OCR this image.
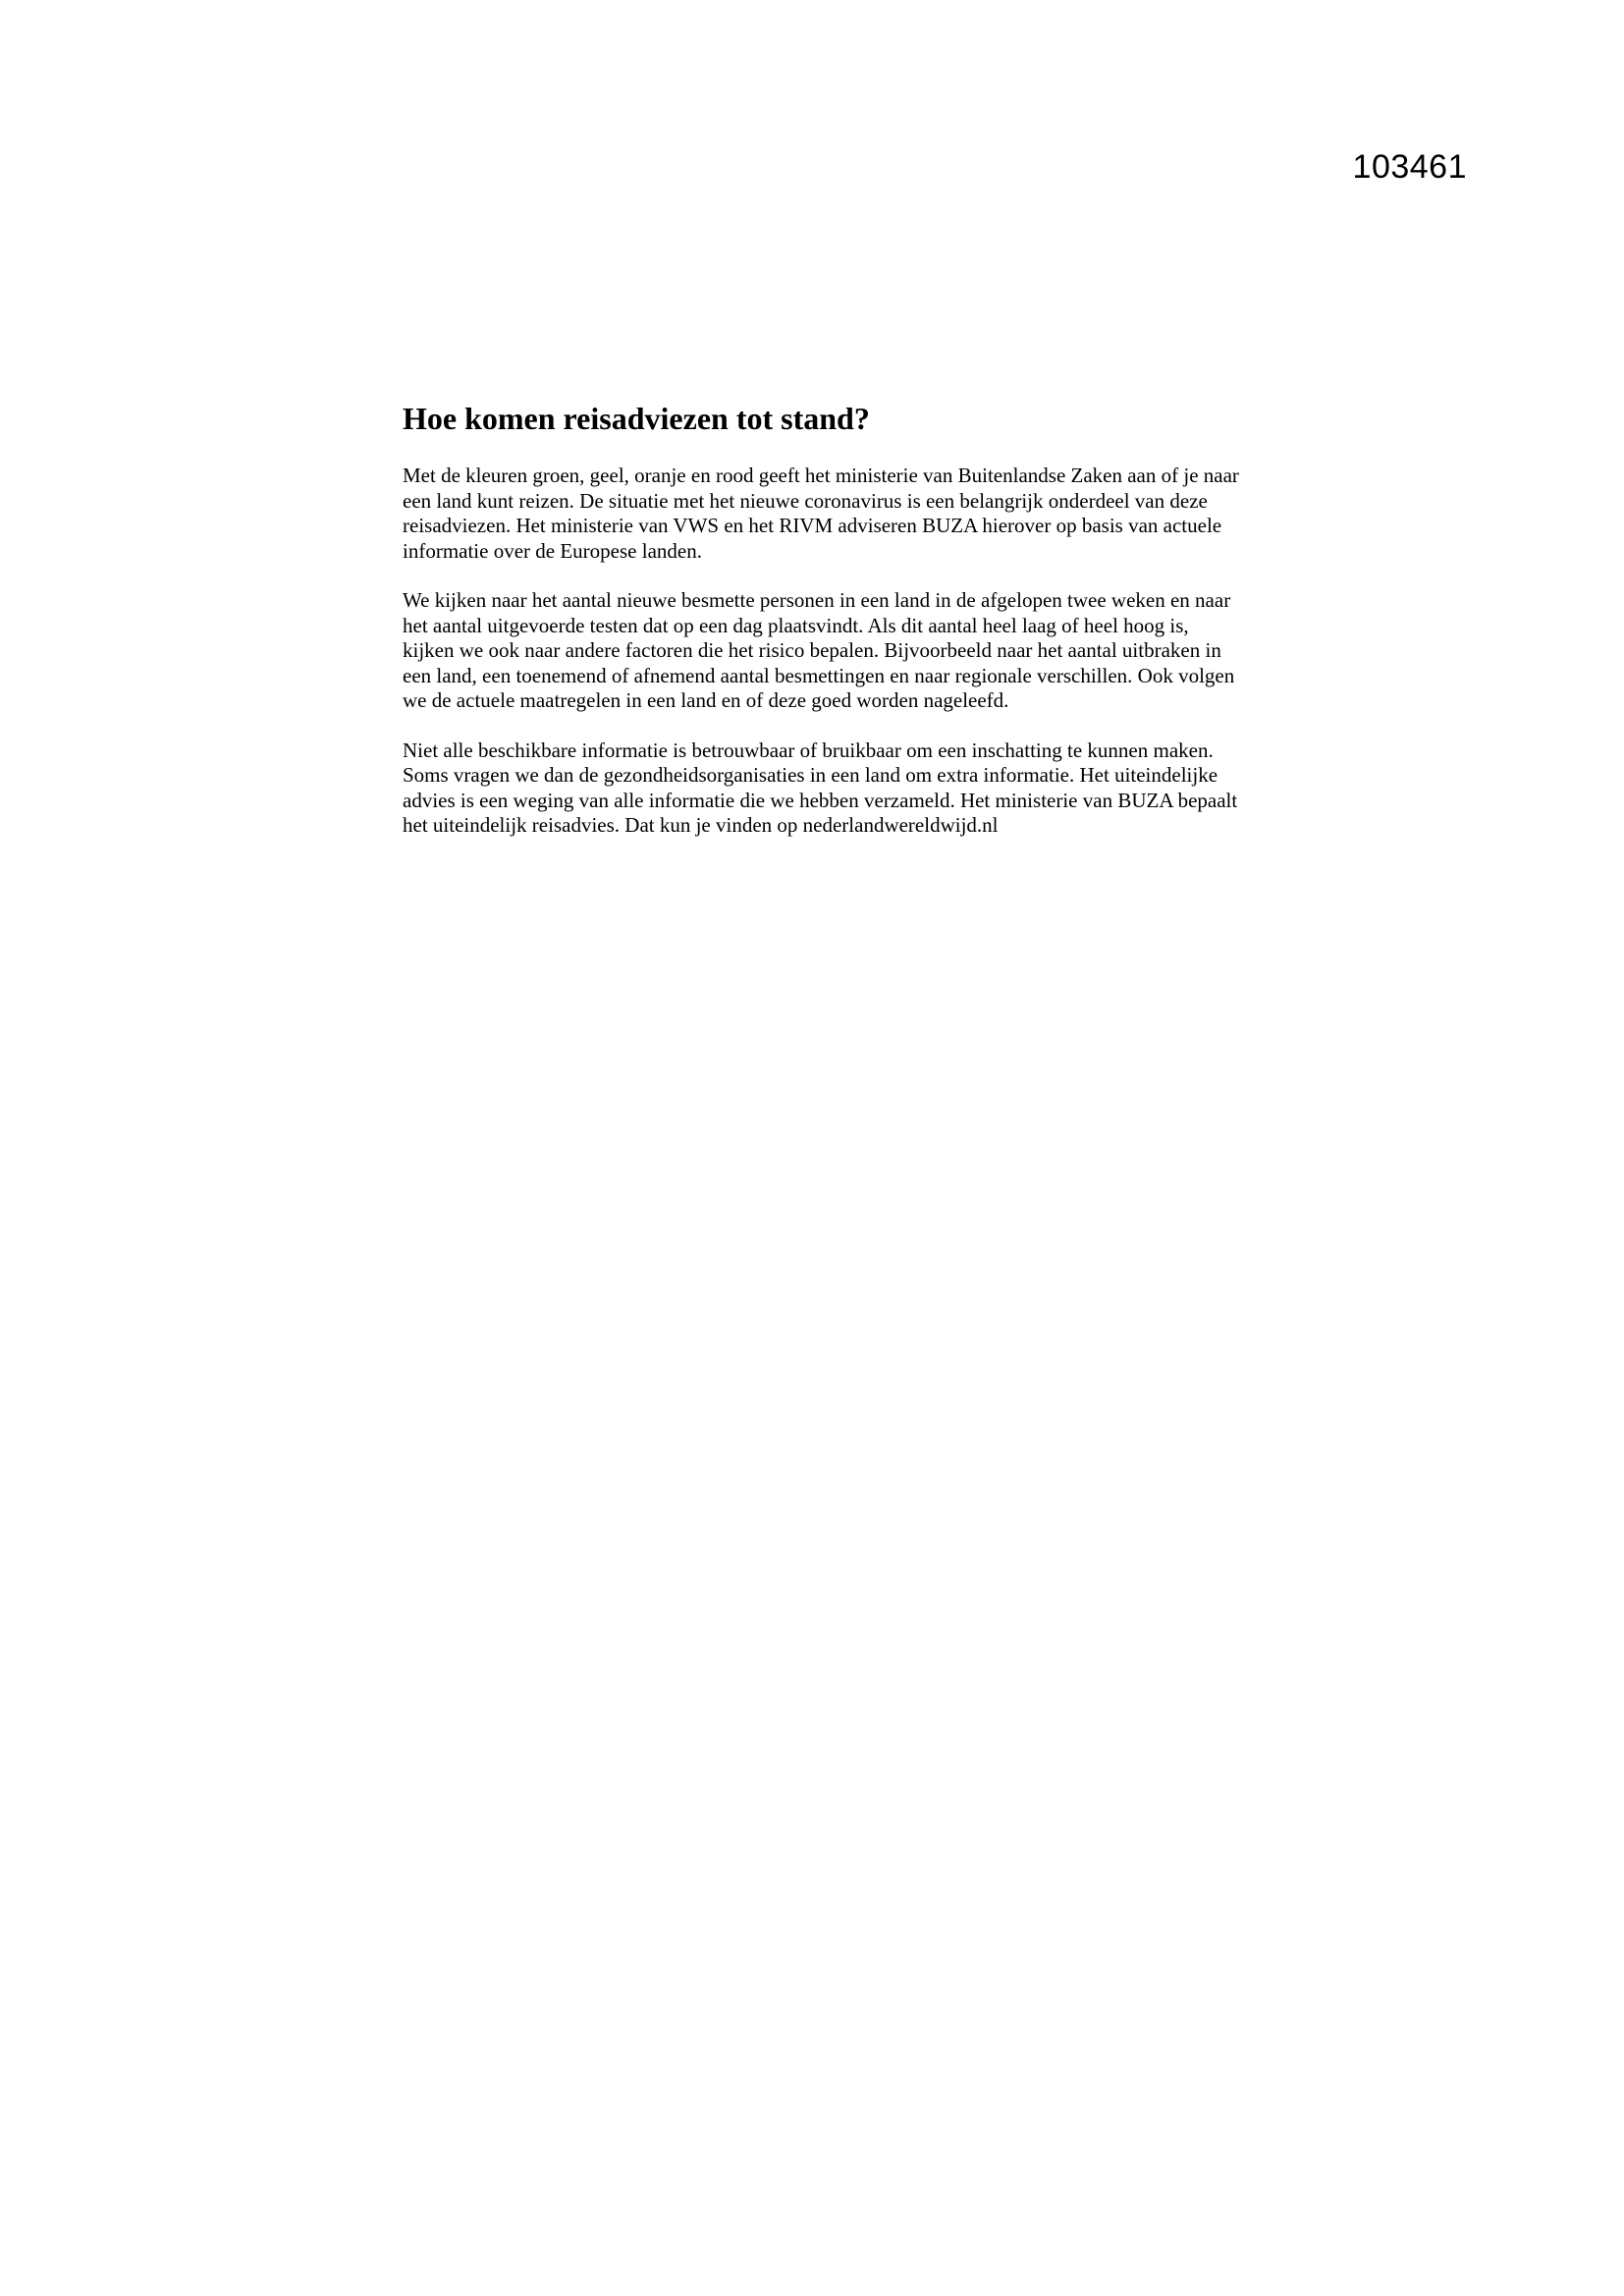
103461
Hoe komen reisadviezen tot stand?

Met de kleuren groen, geel, oranje en rood geeft het ministerie van Buitenlandse Zaken aan of je naar een land kunt reizen. De situatie met het nieuwe coronavirus is een belangrijk onderdeel van deze reisadviezen. Het ministerie van VWS en het RIVM adviseren BUZA hierover op basis van actuele informatie over de Europese landen.

We kijken naar het aantal nieuwe besmette personen in een land in de afgelopen twee weken en naar het aantal uitgevoerde testen dat op een dag plaatsvindt. Als dit aantal heel laag of heel hoog is, kijken we ook naar andere factoren die het risico bepalen. Bijvoorbeeld naar het aantal uitbraken in een land, een toenemend of afnemend aantal besmettingen en naar regionale verschillen. Ook volgen we de actuele maatregelen in een land en of deze goed worden nageleefd.

Niet alle beschikbare informatie is betrouwbaar of bruikbaar om een inschatting te kunnen maken. Soms vragen we dan de gezondheidsorganisaties in een land om extra informatie. Het uiteindelijke advies is een weging van alle informatie die we hebben verzameld. Het ministerie van BUZA bepaalt het uiteindelijk reisadvies. Dat kun je vinden op nederlandwereldwijd.nl
